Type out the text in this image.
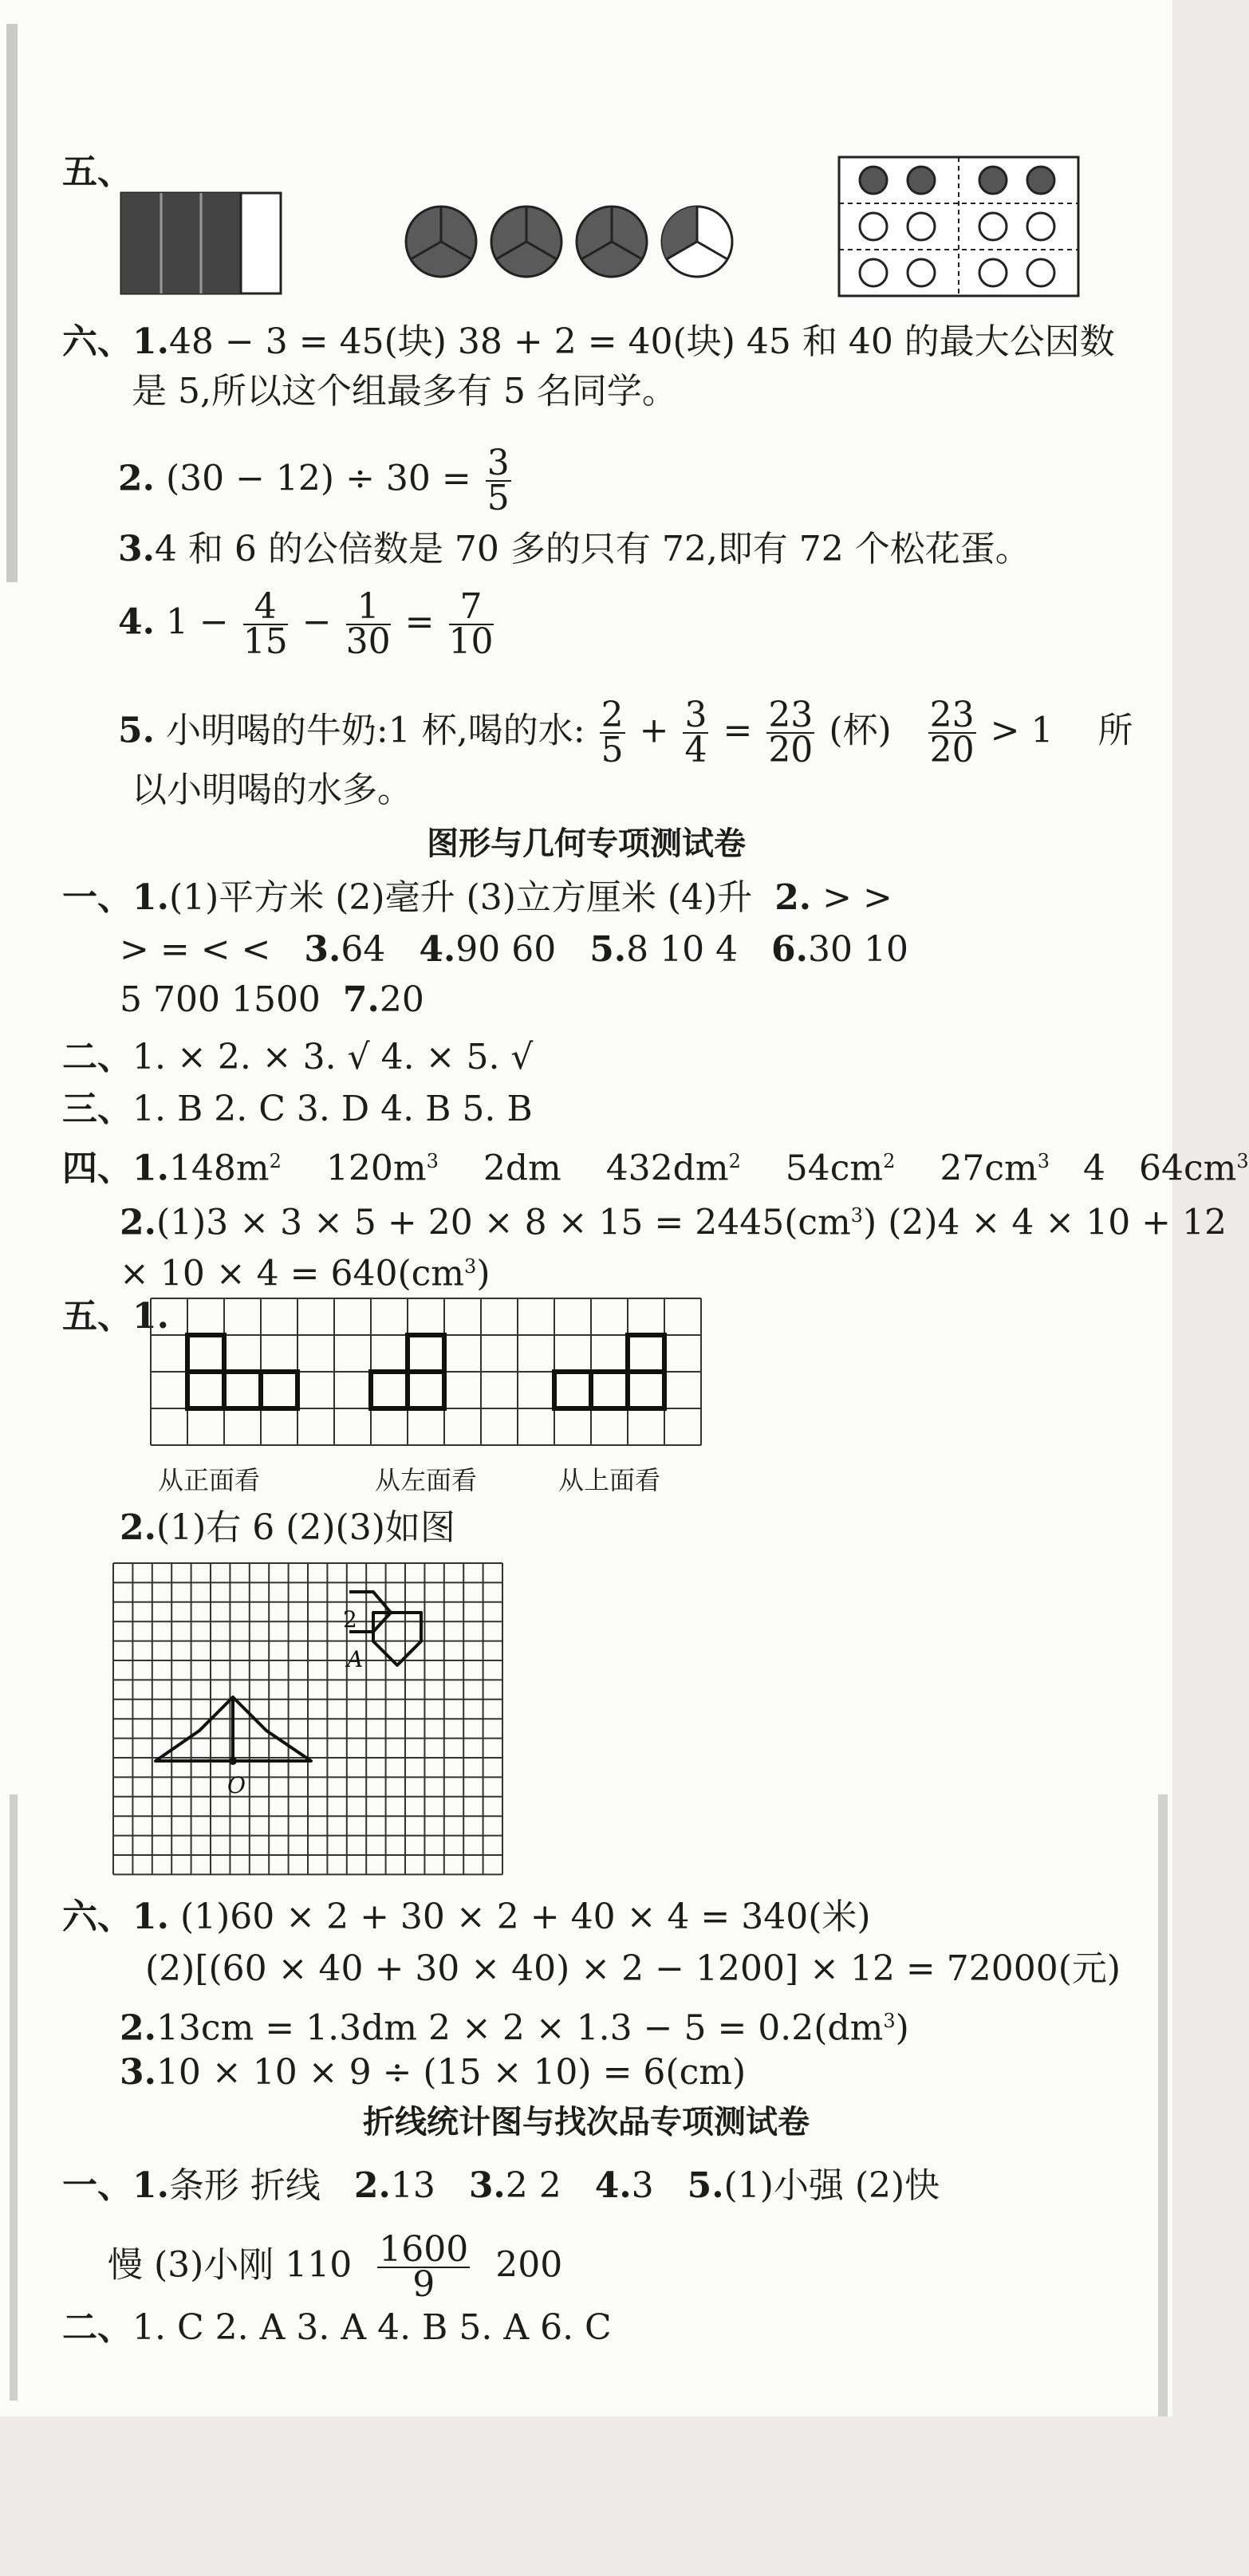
五、
六、1.48 − 3 = 45(块) 38 + 2 = 40(块) 45 和 40 的最大公因数
是 5,所以这个组最多有 5 名同学。
2. $(30 - 12) \div 30 = \frac{3}{5}$
3.4 和 6 的公倍数是 70 多的只有 72,即有 72 个松花蛋。
4. $1 - \frac{4}{15} - \frac{1}{30} = \frac{7}{10}$
5. 小明喝的牛奶:1 杯,喝的水: $\frac{2}{5} + \frac{3}{4} = \frac{23}{20}$ (杯) $\frac{23}{20} > 1$ 所
以小明喝的水多。
图形与几何专项测试卷
一、1.(1)平方米 (2)毫升 (3)立方厘米 (4)升 2. > >
> = < < 3.64 4.90 60 5.8 10 4 6.30 10
5 700 1500 7.20
二、1. × 2. × 3. √ 4. × 5. √
三、1. B 2. C 3. D 4. B 5. B
四、$1.148m^2$ $120m^3$ 2dm $432dm^2$ $54cm^2$ $27cm^3$ 4 $64cm^3$
$2.(1)3 \times 3 \times 5 + 20 \times 8 \times 15 = 2445(cm^3) (2)4 \times 4 \times 10 + 12$
× $10 \times 4 = 640(cm^3)$
五、1.
从正面看	从左面看	从上面看
2.(1)右 6 (2)(3)如图
2
A
O
六、1. (1)60 × 2 + 30 × 2 + 40 × 4 = 340(米)
(2)[(60 × 40 + 30 × 40) × 2 − 1200] × 12 = 72000(元)
2.13cm = 1.3dm $2 \times 2 \times 1.3 - 5 = 0.2(dm^3)$
3.10 × 10 × 9 ÷ (15 × 10) = 6(cm)
折线统计图与找次品专项测试卷
一、1.条形 折线 2.13 3.2 2 4.3 5.(1)小强 (2)快
慢 (3)小刚 $110 \frac{1600}{9} 200$
二、1. C 2. A 3. A 4. B 5. A 6. C
